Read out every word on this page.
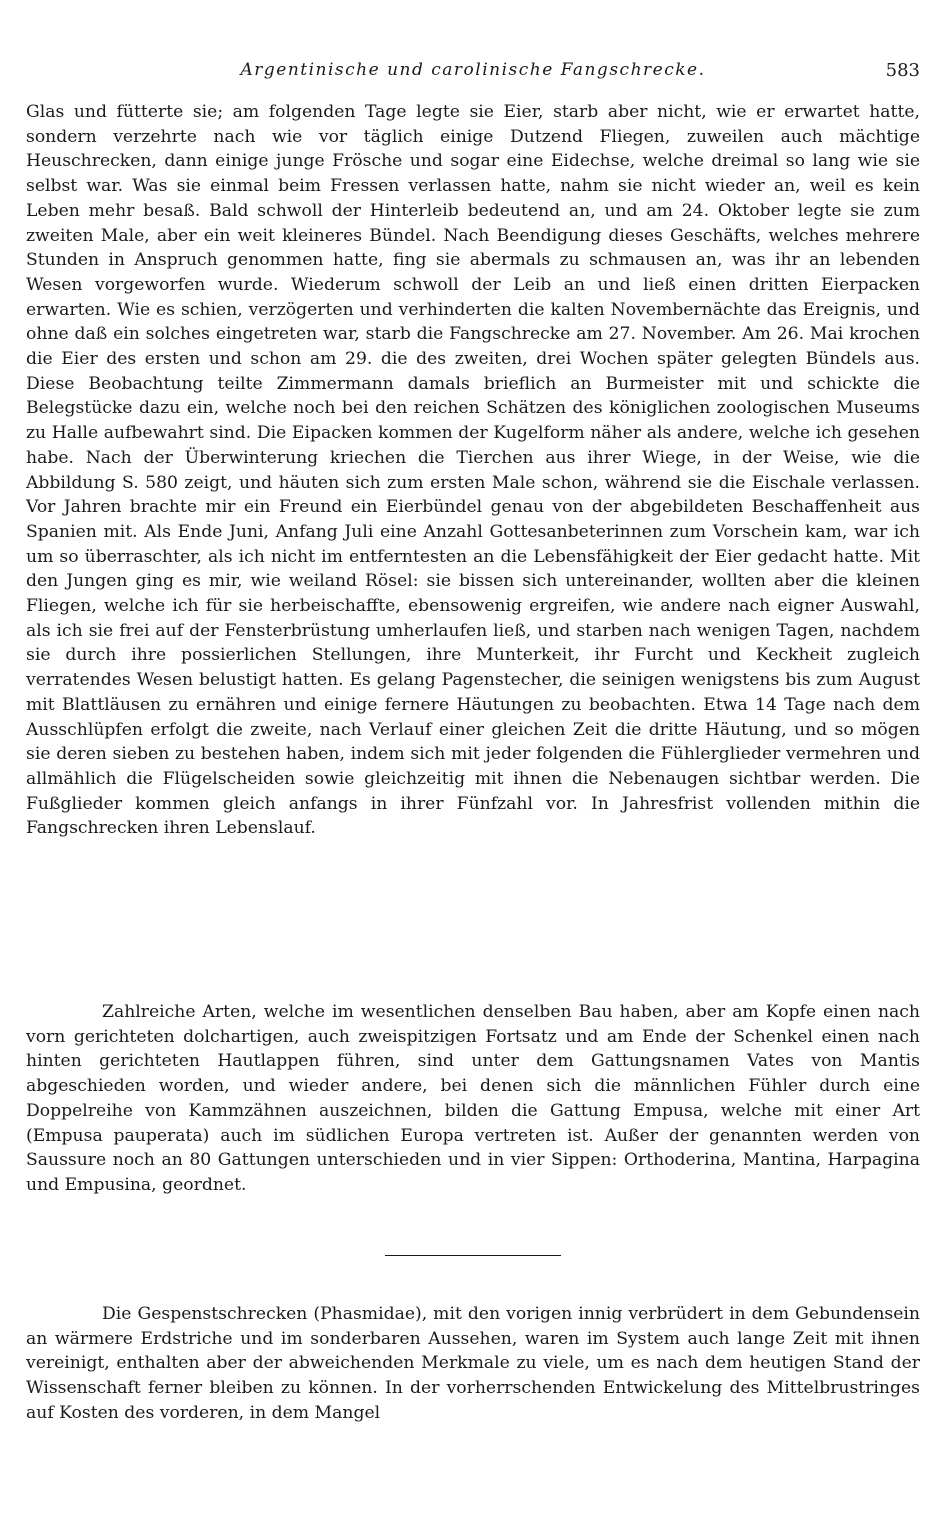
Argentinische und carolinische Fangschrecke.	583

Glas und fütterte sie; am folgenden Tage legte sie Eier, starb aber nicht, wie er erwartet hatte, sondern verzehrte nach wie vor täglich einige Dutzend Fliegen, zuweilen auch mächtige Heuschrecken, dann einige junge Frösche und sogar eine Eidechse, welche dreimal so lang wie sie selbst war. Was sie einmal beim Fressen verlassen hatte, nahm sie nicht wieder an, weil es kein Leben mehr besaß. Bald schwoll der Hinterleib bedeutend an, und am 24. Oktober legte sie zum zweiten Male, aber ein weit kleineres Bündel. Nach Beendigung dieses Geschäfts, welches mehrere Stunden in Anspruch genommen hatte, fing sie abermals zu schmausen an, was ihr an lebenden Wesen vorgeworfen wurde. Wiederum schwoll der Leib an und ließ einen dritten Eierpacken erwarten. Wie es schien, verzögerten und verhinderten die kalten Novembernächte das Ereignis, und ohne daß ein solches eingetreten war, starb die Fangschrecke am 27. November. Am 26. Mai krochen die Eier des ersten und schon am 29. die des zweiten, drei Wochen später gelegten Bündels aus. Diese Beobachtung teilte Zimmermann damals brieflich an Burmeister mit und schickte die Belegstücke dazu ein, welche noch bei den reichen Schätzen des königlichen zoologischen Museums zu Halle aufbewahrt sind. Die Eipacken kommen der Kugelform näher als andere, welche ich gesehen habe. Nach der Überwinterung kriechen die Tierchen aus ihrer Wiege, in der Weise, wie die Abbildung S. 580 zeigt, und häuten sich zum ersten Male schon, während sie die Eischale verlassen. Vor Jahren brachte mir ein Freund ein Eierbündel genau von der abgebildeten Beschaffenheit aus Spanien mit. Als Ende Juni, Anfang Juli eine Anzahl Gottesanbeterinnen zum Vorschein kam, war ich um so überraschter, als ich nicht im entferntesten an die Lebensfähigkeit der Eier gedacht hatte. Mit den Jungen ging es mir, wie weiland Rösel: sie bissen sich untereinander, wollten aber die kleinen Fliegen, welche ich für sie herbeischaffte, ebensowenig ergreifen, wie andere nach eigner Auswahl, als ich sie frei auf der Fensterbrüstung umherlaufen ließ, und starben nach wenigen Tagen, nachdem sie durch ihre possierlichen Stellungen, ihre Munterkeit, ihr Furcht und Keckheit zugleich verratendes Wesen belustigt hatten. Es gelang Pagenstecher, die seinigen wenigstens bis zum August mit Blattläusen zu ernähren und einige fernere Häutungen zu beobachten. Etwa 14 Tage nach dem Ausschlüpfen erfolgt die zweite, nach Verlauf einer gleichen Zeit die dritte Häutung, und so mögen sie deren sieben zu bestehen haben, indem sich mit jeder folgenden die Fühlerglieder vermehren und allmählich die Flügelscheiden sowie gleichzeitig mit ihnen die Nebenaugen sichtbar werden. Die Fußglieder kommen gleich anfangs in ihrer Fünfzahl vor. In Jahresfrist vollenden mithin die Fangschrecken ihren Lebenslauf.

Zahlreiche Arten, welche im wesentlichen denselben Bau haben, aber am Kopfe einen nach vorn gerichteten dolchartigen, auch zweispitzigen Fortsatz und am Ende der Schenkel einen nach hinten gerichteten Hautlappen führen, sind unter dem Gattungsnamen Vates von Mantis abgeschieden worden, und wieder andere, bei denen sich die männlichen Fühler durch eine Doppelreihe von Kammzähnen auszeichnen, bilden die Gattung Empusa, welche mit einer Art (Empusa pauperata) auch im südlichen Europa vertreten ist. Außer der genannten werden von Saussure noch an 80 Gattungen unterschieden und in vier Sippen: Orthoderina, Mantina, Harpagina und Empusina, geordnet.

Die Gespenstschrecken (Phasmidae), mit den vorigen innig verbrüdert in dem Gebundensein an wärmere Erdstriche und im sonderbaren Aussehen, waren im System auch lange Zeit mit ihnen vereinigt, enthalten aber der abweichenden Merkmale zu viele, um es nach dem heutigen Stand der Wissenschaft ferner bleiben zu können. In der vorherrschenden Entwickelung des Mittelbrustringes auf Kosten des vorderen, in dem Mangel
